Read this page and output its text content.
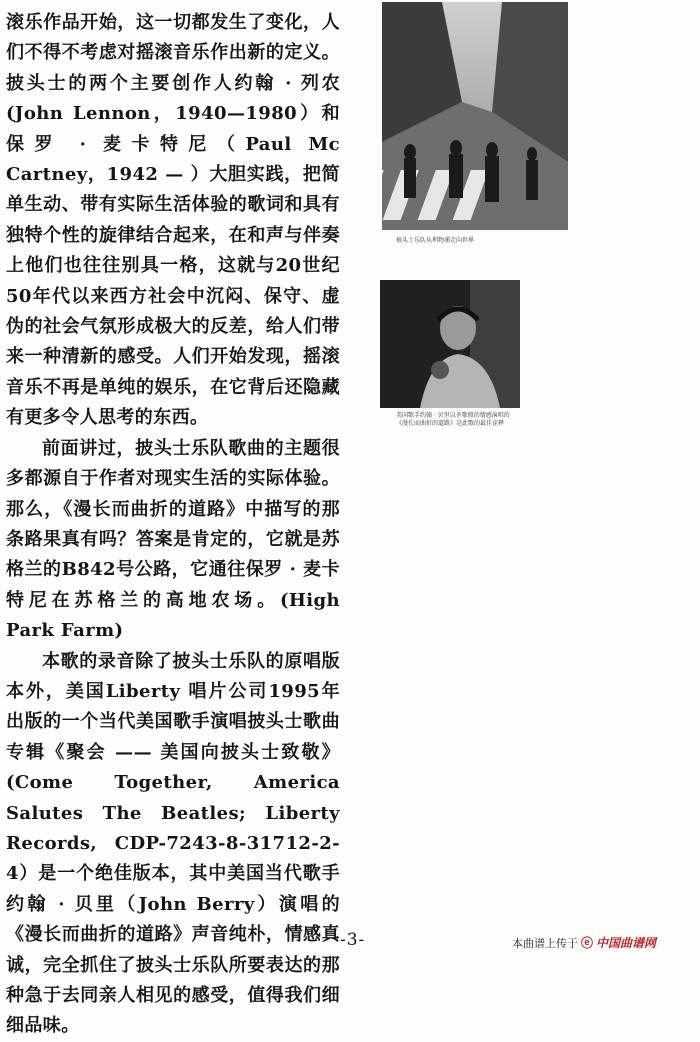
滚乐作品开始，这一切都发生了变化，人们不得不考虑对摇滚音乐作出新的定义。披头士的两个主要创作人约翰 · 列农(John Lennon，1940—1980）和保罗 · 麦卡特尼（Paul Mc Cartney，1942 — ）大胆实践，把简单生动、带有实际生活体验的歌词和具有独特个性的旋律结合起来，在和声与伴奏上他们也往往别具一格，这就与20世纪50年代以来西方社会中沉闷、保守、虚伪的社会气氛形成极大的反差，给人们带来一种清新的感受。人们开始发现，摇滚音乐不再是单纯的娱乐，在它背后还隐藏有更多令人思考的东西。

前面讲过，披头士乐队歌曲的主题很多都源自于作者对现实生活的实际体验。那么，《漫长而曲折的道路》中描写的那条路果真有吗？答案是肯定的，它就是苏格兰的B842号公路，它通往保罗 · 麦卡特尼在苏格兰的高地农场。(High Park Farm)

本歌的录音除了披头士乐队的原唱版本外，美国Liberty 唱片公司1995年出版的一个当代美国歌手演唱披头士歌曲专辑《聚会 —— 美国向披头士致敬》(Come Together, America Salutes The Beatles; Liberty Records, CDP-7243-8-31712-2-4）是一个绝佳版本，其中美国当代歌手约翰 · 贝里（John Berry）演唱的《漫长而曲折的道路》声音纯朴，情感真诚，完全抓住了披头士乐队所要表达的那种急于去同亲人相见的感受，值得我们细细品味。

披头士乐队从利物浦走向世界
美国歌手约翰 · 贝里以圣歌般的情感演唱的《漫长而曲折的道路》是此歌的最佳诠释
-3-	本曲谱上传于 ⓔ 中国曲谱网
